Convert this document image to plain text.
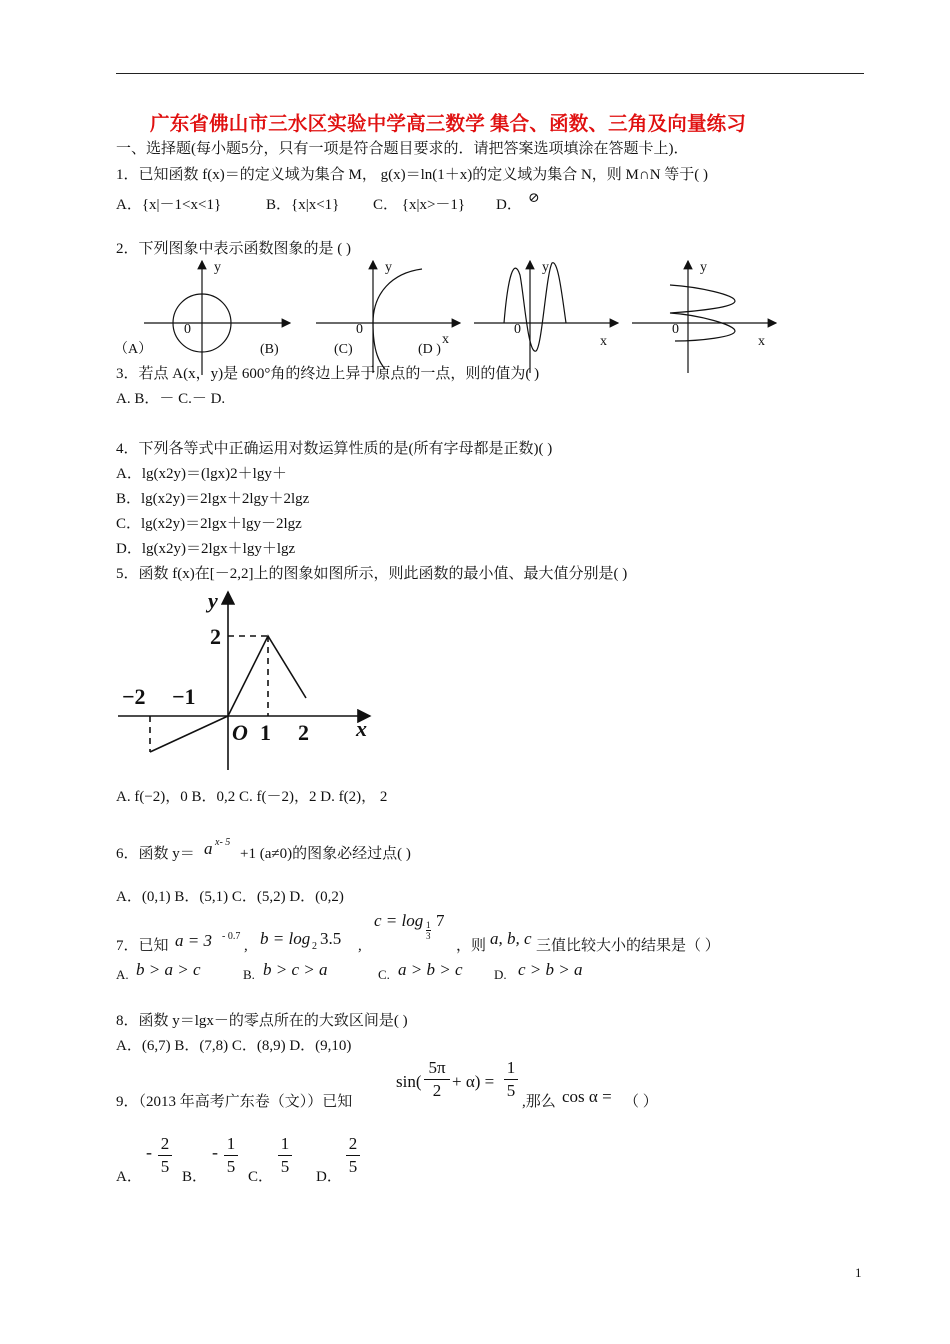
广东省佛山市三水区实验中学高三数学 集合、函数、三角及向量练习
一、选择题(每小题5分，只有一项是符合题目要求的．请把答案选项填涂在答题卡上)．
1．已知函数 f(x)＝的定义域为集合 M， g(x)＝ln(1＋x)的定义域为集合 N，则 M∩N 等于( )
A．{x|－1<x<1}	B．{x|x<1} C． {x|x>－1} D． ⊘
2．下列图象中表示函数图象的是 ( )
y
0
（A）
y
0
(B)	(C)	(D )
x
y
0
x
y
0
x
3．若点 A(x，y)是 600°角的终边上异于原点的一点，则的值为( )
A. B．－ C.－ D.
4．下列各等式中正确运用对数运算性质的是(所有字母都是正数)( )
A．lg(x2y)＝(lgx)2＋lgy＋
B．lg(x2y)＝2lgx＋2lgy＋2lgz
C．lg(x2y)＝2lgx＋lgy－2lgz
D．lg(x2y)＝2lgx＋lgy＋lgz
5．函数 f(x)在[－2,2]上的图象如图所示，则此函数的最小值、最大值分别是( )
y
2
−2 −1
O 1 2 x
A. f(−2)，0 B．0,2 C. f(－2)，2 D. f(2)， 2
6．函数 y＝ a x- 5
+1 (a≠0)的图象必经过点( )
A．(0,1) B．(5,1) C．(5,2) D．(0,2)
7．已知 a = 3 - 0.7
, b = log 2 3.5 ,
$c = \log \frac{1}{3} 7$
，则 a, b, c 三值比较大小的结果是（ ）
A. b > a > c	B. b > c > a	C. a > b > c D. c > b > a
8．函数 y＝lgx－的零点所在的大致区间是( )
A．(6,7) B．(7,8) C．(8,9) D．(9,10)
9．（2013 年高考广东卷（文））已知
sin(
5π
2 + α) =
1
5
,那么 cos α = （ ）
A．
- 2
5
B．
- 1
5
C．
1
5
D．
2
5
1
